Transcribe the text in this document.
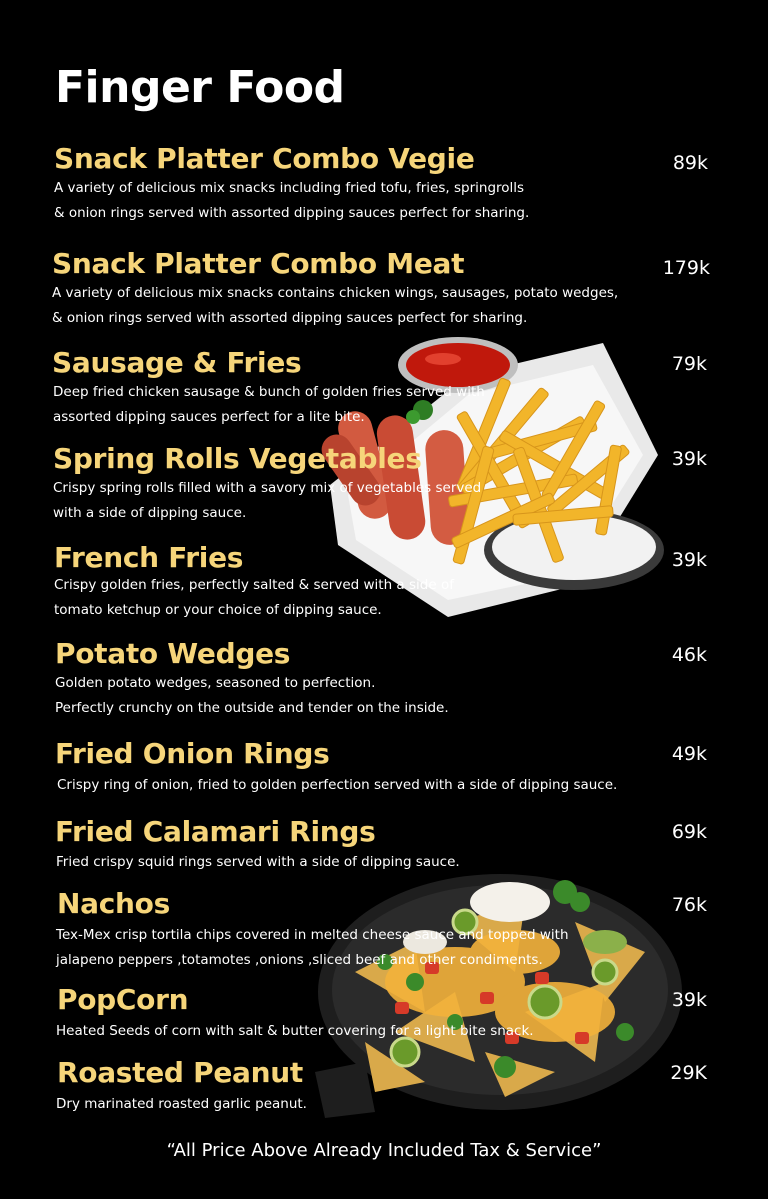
Finger Food
Snack Platter Combo Vegie	89k
A variety of delicious mix snacks including fried tofu, fries, springrolls
& onion rings served with assorted dipping sauces perfect for sharing.
Snack Platter Combo Meat	179k
A variety of delicious mix snacks contains chicken wings, sausages, potato wedges,
& onion rings served with assorted dipping sauces perfect for sharing.
Sausage & Fries	79k
Deep fried chicken sausage & bunch of golden fries served with
assorted dipping sauces perfect for a lite bite.
Spring Rolls Vegetables	39k
Crispy spring rolls filled with a savory mix of vegetables served
with a side of dipping sauce.
French Fries	39k
Crispy golden fries, perfectly salted & served with a side of
tomato ketchup or your choice of dipping sauce.
Potato Wedges	46k
Golden potato wedges, seasoned to perfection.
Perfectly crunchy on the outside and tender on the inside.
Fried Onion Rings	49k
Crispy ring of onion, fried to golden perfection served with a side of dipping sauce.
Fried Calamari Rings	69k
Fried crispy squid rings served with a side of dipping sauce.
Nachos	76k
Tex-Mex crisp tortila chips covered in melted cheese sauce and topped with
jalapeno peppers ,totamotes ,onions ,sliced beef and other condiments.
PopCorn	39k
Heated Seeds of corn with salt & butter covering for a light bite snack.
Roasted Peanut	29K
Dry marinated roasted garlic peanut.
“All Price Above Already Included Tax & Service”
